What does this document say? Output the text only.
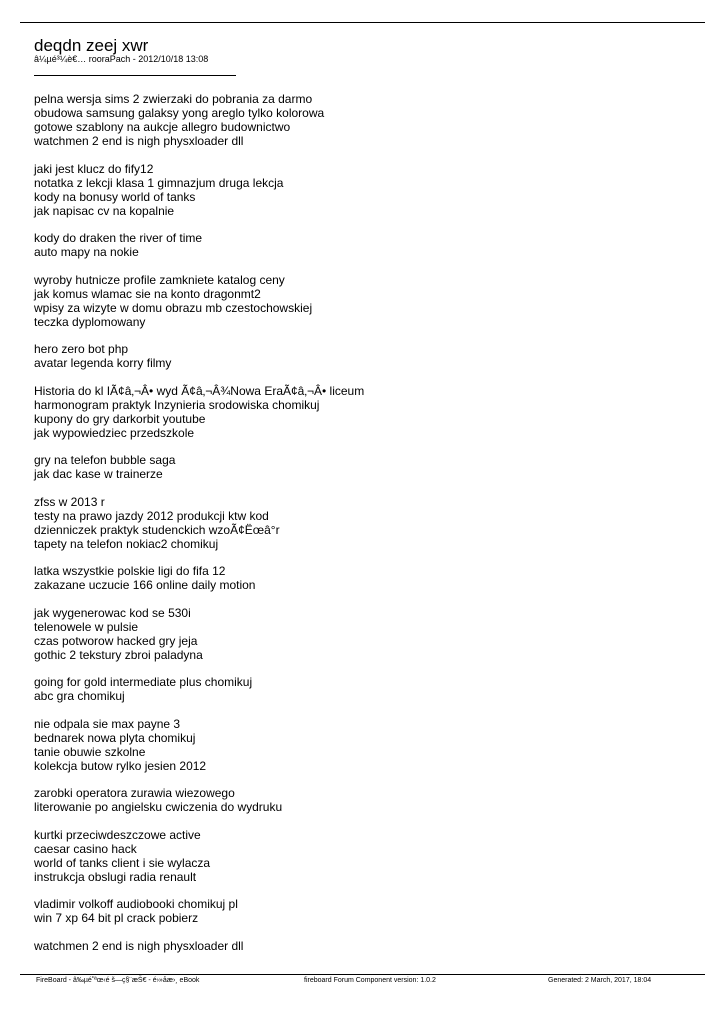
deqdn zeej xwr
â¼µé³¼è€… rooraPach - 2012/10/18 13:08
pelna wersja sims 2 zwierzaki do pobrania za darmo
obudowa samsung galaksy yong areglo tylko kolorowa
gotowe szablony na aukcje allegro budownictwo
watchmen 2 end is nigh physxloader dll
jaki jest klucz do fify12
notatka z lekcji klasa 1 gimnazjum druga lekcja
kody na bonusy world of tanks
jak napisac cv na kopalnie
kody do draken the river of time
auto mapy na nokie
wyroby hutnicze profile zamkniete katalog ceny
jak komus wlamac sie na konto dragonmt2
wpisy za wizyte w domu obrazu mb czestochowskiej
teczka dyplomowany
hero zero bot php
avatar legenda korry filmy
Historia do kl IÃ¢â‚¬Â• wyd Ã¢â‚¬Â¾Nowa EraÃ¢â‚¬Â• liceum
harmonogram praktyk Inzynieria srodowiska chomikuj
kupony do gry darkorbit youtube
jak wypowiedziec przedszkole
gry na telefon bubble saga
jak dac kase w trainerze
zfss w 2013 r
testy na prawo jazdy 2012 produkcji ktw kod
dzienniczek praktyk studenckich wzoÃ¢Ëœâ°r
tapety na telefon nokiac2 chomikuj
latka wszystkie polskie ligi do fifa 12
zakazane uczucie 166 online daily motion
jak wygenerowac kod se 530i
telenowele w pulsie
czas potworow hacked gry jeja
gothic 2 tekstury zbroi paladyna
going for gold intermediate plus chomikuj
abc gra chomikuj
nie odpala sie max payne 3
bednarek nowa plyta chomikuj
tanie obuwie szkolne
kolekcja butow rylko jesien 2012
zarobki operatora zurawia wiezowego
literowanie po angielsku cwiczenia do wydruku
kurtki przeciwdeszczowe active
caesar casino hack
world of tanks client i sie wylacza
instrukcja obslugi radia renault
vladimir volkoff audiobooki chomikuj pl
win 7 xp 64 bit pl crack pobierz
watchmen 2 end is nigh physxloader dll
FireBoard - â‰µé˚ªœ‹é š—ç§¨æŠ€ - é›»åæ›¸ eBook	fireboard Forum Component version: 1.0.2	Generated: 2 March, 2017, 18:04
